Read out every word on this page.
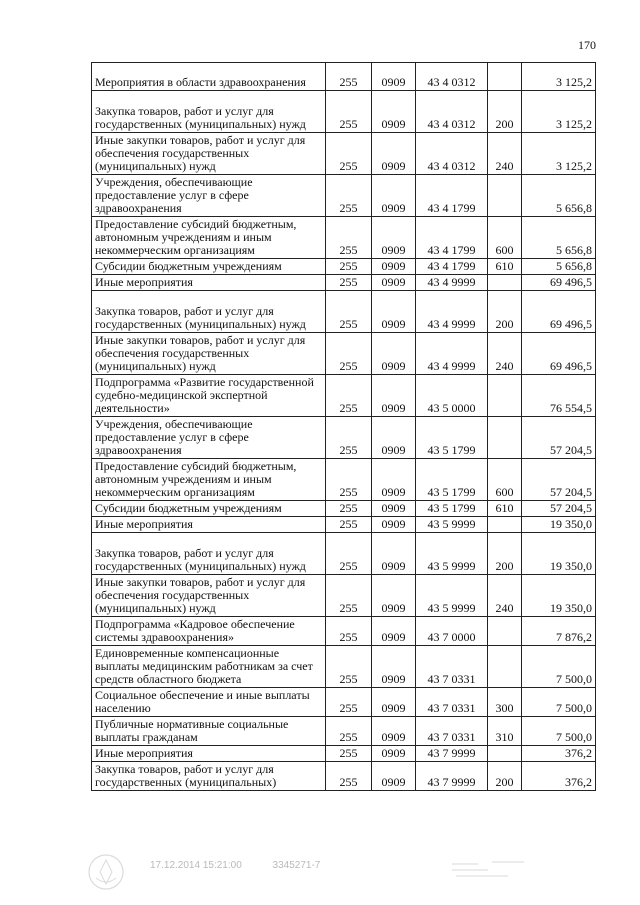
170
Мероприятия в области здравоохранения	255	0909	43 4 0312		3 125,2
Закупка товаров, работ и услуг для государственных (муниципальных) нужд	255	0909	43 4 0312	200	3 125,2
Иные закупки товаров, работ и услуг для обеспечения государственных (муниципальных) нужд	255	0909	43 4 0312	240	3 125,2
Учреждения, обеспечивающие предоставление услуг в сфере здравоохранения	255	0909	43 4 1799		5 656,8
Предоставление субсидий бюджетным, автономным учреждениям и иным некоммерческим организациям	255	0909	43 4 1799	600	5 656,8
Субсидии бюджетным учреждениям	255	0909	43 4 1799	610	5 656,8
Иные мероприятия	255	0909	43 4 9999		69 496,5
Закупка товаров, работ и услуг для государственных (муниципальных) нужд	255	0909	43 4 9999	200	69 496,5
Иные закупки товаров, работ и услуг для обеспечения государственных (муниципальных) нужд	255	0909	43 4 9999	240	69 496,5
Подпрограмма «Развитие государственной судебно-медицинской экспертной деятельности»	255	0909	43 5 0000		76 554,5
Учреждения, обеспечивающие предоставление услуг в сфере здравоохранения	255	0909	43 5 1799		57 204,5
Предоставление субсидий бюджетным, автономным учреждениям и иным некоммерческим организациям	255	0909	43 5 1799	600	57 204,5
Субсидии бюджетным учреждениям	255	0909	43 5 1799	610	57 204,5
Иные мероприятия	255	0909	43 5 9999		19 350,0
Закупка товаров, работ и услуг для государственных (муниципальных) нужд	255	0909	43 5 9999	200	19 350,0
Иные закупки товаров, работ и услуг для обеспечения государственных (муниципальных) нужд	255	0909	43 5 9999	240	19 350,0
Подпрограмма «Кадровое обеспечение системы здравоохранения»	255	0909	43 7 0000		7 876,2
Единовременные компенсационные выплаты медицинским работникам за счет средств областного бюджета	255	0909	43 7 0331		7 500,0
Социальное обеспечение и иные выплаты населению	255	0909	43 7 0331	300	7 500,0
Публичные нормативные социальные выплаты гражданам	255	0909	43 7 0331	310	7 500,0
Иные мероприятия	255	0909	43 7 9999		376,2
Закупка товаров, работ и услуг для государственных (муниципальных)	255	0909	43 7 9999	200	376,2
17.12.2014 15:21:00	3345271-7
